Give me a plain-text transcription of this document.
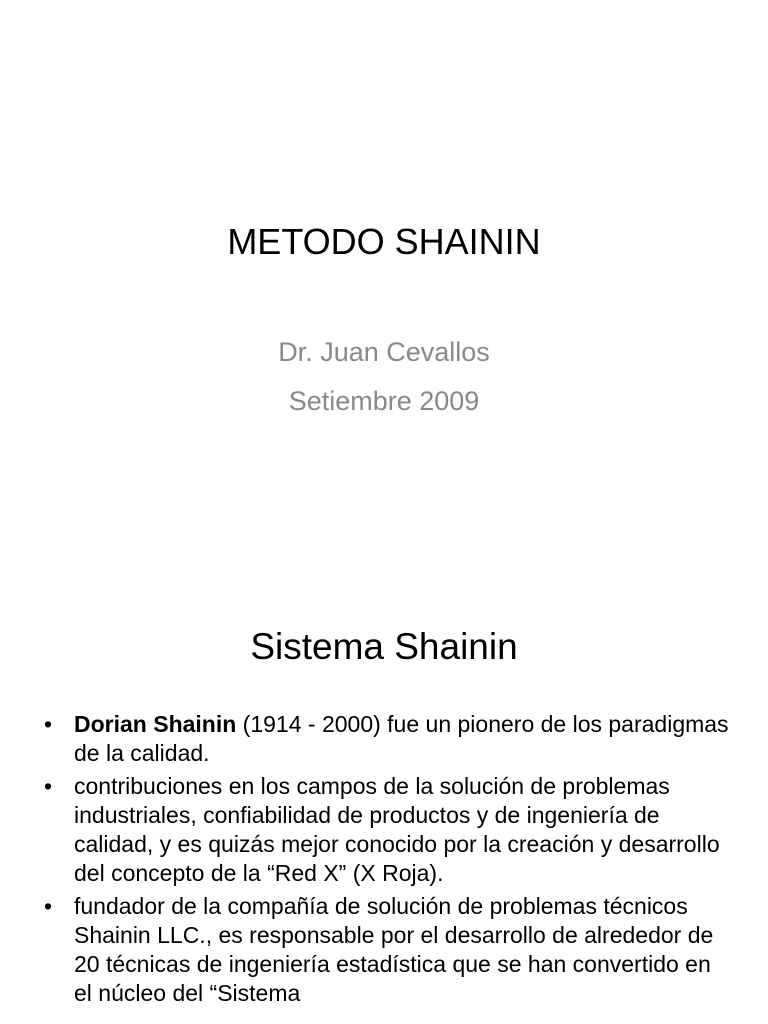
METODO SHAININ
Dr. Juan Cevallos
Setiembre 2009
Sistema Shainin
• Dorian Shainin (1914 - 2000) fue un pionero de los paradigmas de la calidad.
• contribuciones en los campos de la solución de problemas industriales, confiabilidad de productos y de ingeniería de calidad, y es quizás mejor conocido por la creación y desarrollo del concepto de la “Red X” (X Roja).
• fundador de la compañía de solución de problemas técnicos Shainin LLC., es responsable por el desarrollo de alrededor de 20 técnicas de ingeniería estadística que se han convertido en el núcleo del “Sistema
